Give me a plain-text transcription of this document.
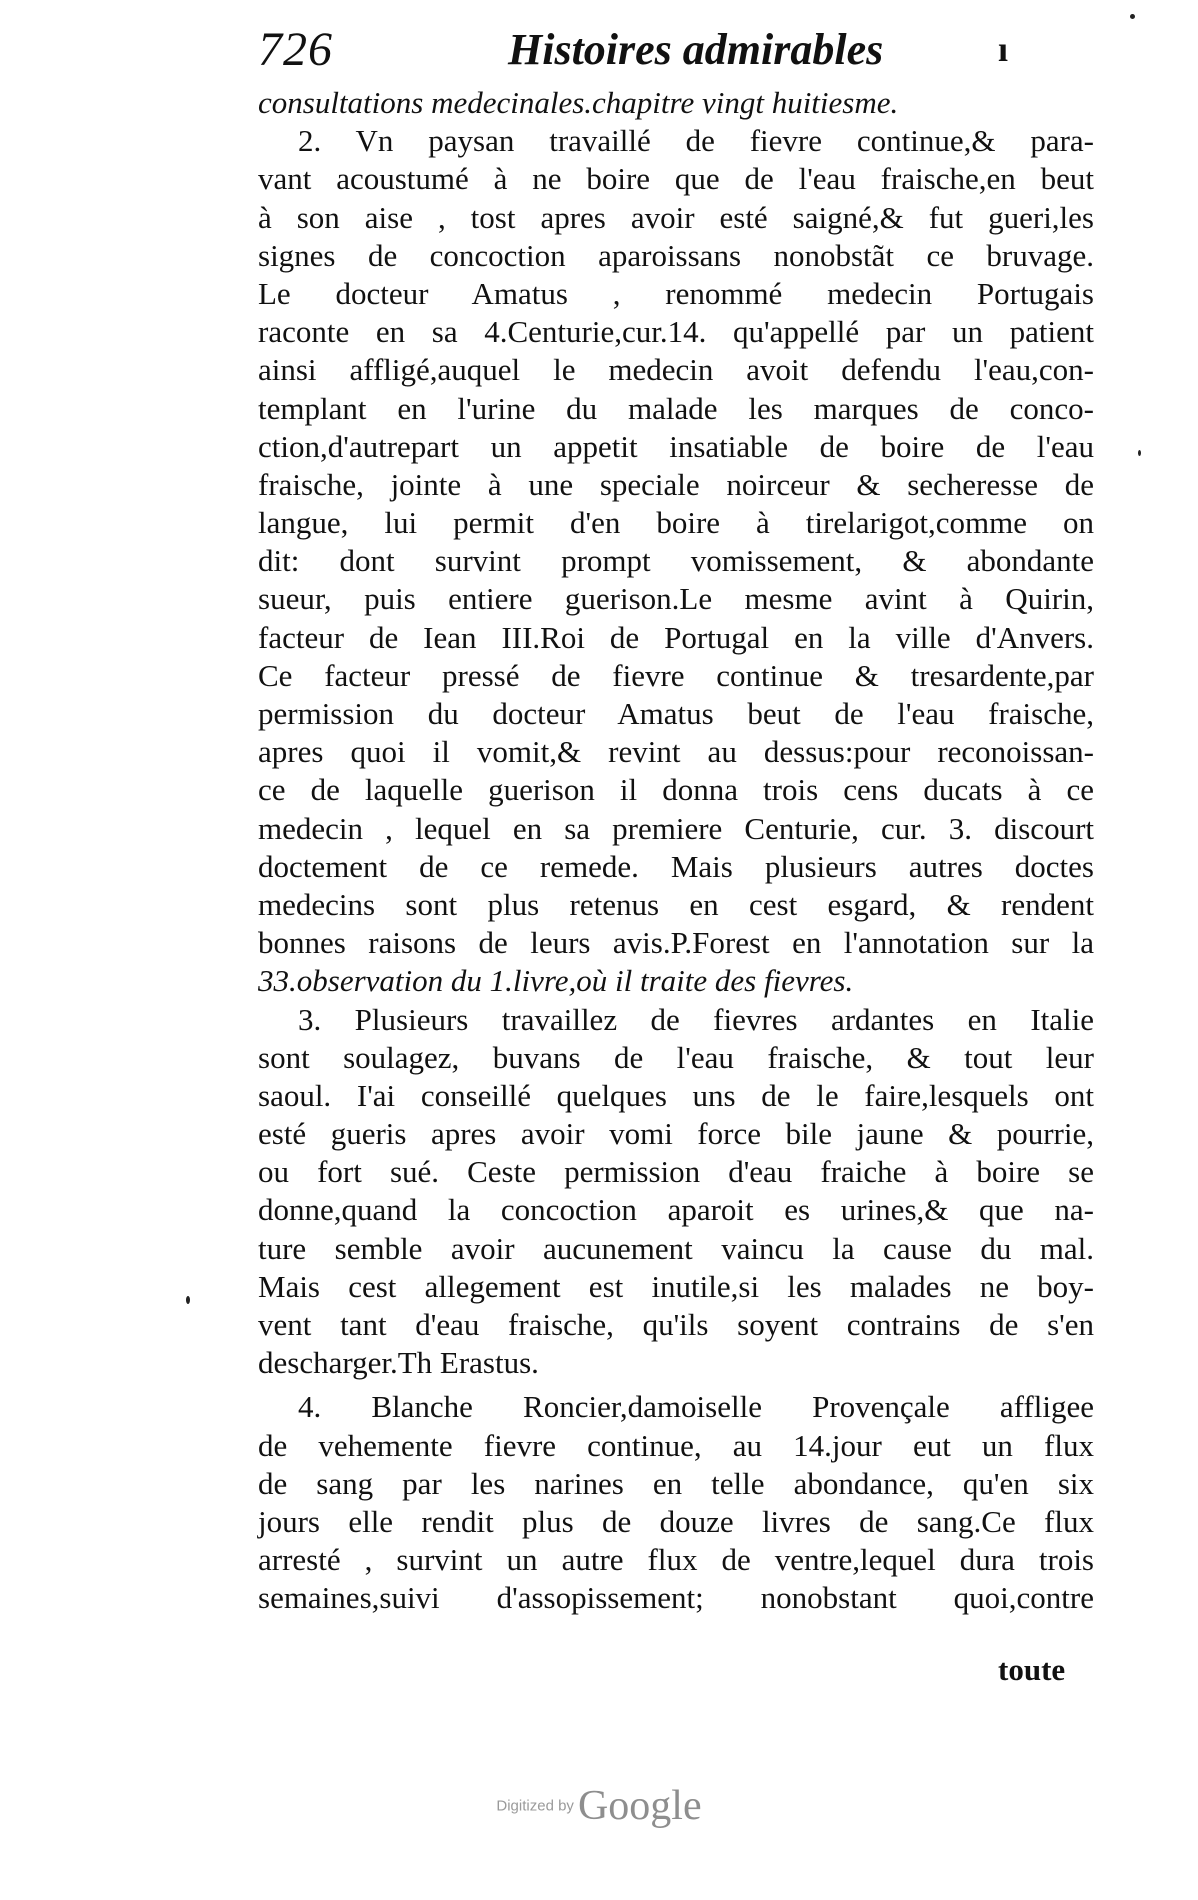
726	Histoires admirables	ı
consultations medecinales.chapitre vingt huitiesme.
2. Vn paysan travaillé de fievre continue,& para-
vant acoustumé à ne boire que de l'eau fraische,en beut
à son aise , tost apres avoir esté saigné,& fut gueri,les
signes de concoction aparoissans nonobstãt ce bruvage.
Le docteur Amatus , renommé medecin Portugais
raconte en sa 4.Centurie,cur.14. qu'appellé par un patient
ainsi affligé,auquel le medecin avoit defendu l'eau,con-
templant en l'urine du malade les marques de conco-
ction,d'autrepart un appetit insatiable de boire de l'eau
fraische, jointe à une speciale noirceur & secheresse de
langue, lui permit d'en boire à tirelarigot,comme on
dit: dont survint prompt vomissement, & abondante
sueur, puis entiere guerison.Le mesme avint à Quirin,
facteur de Iean III.Roi de Portugal en la ville d'Anvers.
Ce facteur pressé de fievre continue & tresardente,par
permission du docteur Amatus beut de l'eau fraische,
apres quoi il vomit,& revint au dessus:pour reconoissan-
ce de laquelle guerison il donna trois cens ducats à ce
medecin , lequel en sa premiere Centurie, cur. 3. discourt
doctement de ce remede. Mais plusieurs autres doctes
medecins sont plus retenus en cest esgard, & rendent
bonnes raisons de leurs avis.P.Forest en l'annotation sur la
33.observation du 1.livre,où il traite des fievres.
3. Plusieurs travaillez de fievres ardantes en Italie
sont soulagez, buvans de l'eau fraische, & tout leur
saoul. I'ai conseillé quelques uns de le faire,lesquels ont
esté gueris apres avoir vomi force bile jaune & pourrie,
ou fort sué. Ceste permission d'eau fraiche à boire se
donne,quand la concoction aparoit es urines,& que na-
ture semble avoir aucunement vaincu la cause du mal.
Mais cest allegement est inutile,si les malades ne boy-
vent tant d'eau fraische, qu'ils soyent contrains de s'en
descharger.Th Erastus.
4. Blanche Roncier,damoiselle Provençale affligee
de vehemente fievre continue, au 14.jour eut un flux
de sang par les narines en telle abondance, qu'en six
jours elle rendit plus de douze livres de sang.Ce flux
arresté , survint un autre flux de ventre,lequel dura trois
semaines,suivi d'assopissement; nonobstant quoi,contre
toute
Digitized by Google
